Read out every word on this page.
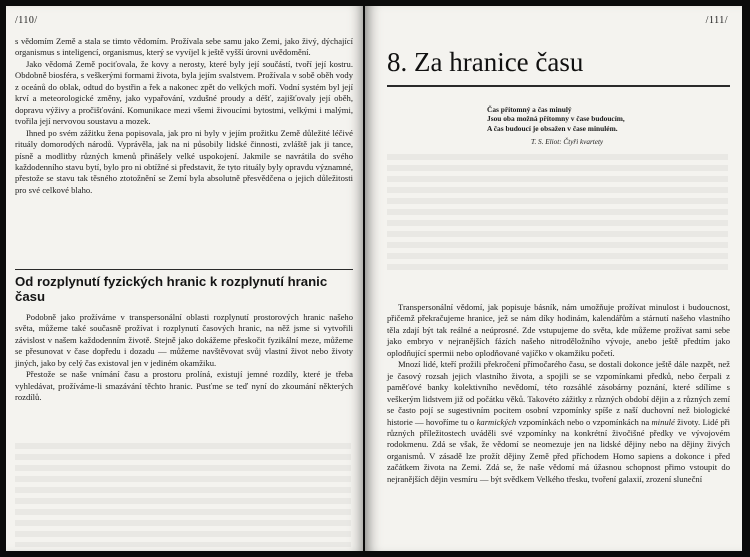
/110/

s vědomím Země a stala se timto vědomím. Prožívala sebe samu jako Zemi, jako živý, dýchající organismus s inteligencí, organismus, který se vyvíjel k ještě vyšší úrovni uvědomění.

Jako vědomá Země pociťovala, že kovy a nerosty, které byly její součástí, tvoří její kostru. Obdobně biosféra, s veškerými formami života, byla jejím svalstvem. Prožívala v sobě oběh vody z oceánů do oblak, odtud do bystřin a řek a nakonec zpět do velkých moří. Vodní systém byl její krví a meteorologické změny, jako vypařování, vzdušné proudy a déšť, zajišťovaly její oběh, dopravu výživy a pročišťování. Komunikace mezi všemi živoucími bytostmi, velkými i malými, tvořila její nervovou soustavu a mozek.

Ihned po svém zážitku žena popisovala, jak pro ni byly v jejím prožitku Země důležité léčivé rituály domorodých národů. Vyprávěla, jak na ni působily lidské činnosti, zvláště jak ji tance, písně a modlitby různých kmenů přinášely velké uspokojení. Jakmile se navrátila do svého každodenního stavu bytí, bylo pro ni obtížné si představit, že tyto rituály byly opravdu významné, přestože se stavu tak těsného ztotožnění se Zemí byla absolutně přesvědčena o jejich důležitosti pro své celkové blaho.

Od rozplynutí fyzických hranic k rozplynutí hranic času

Podobně jako prožíváme v transpersonální oblasti rozplynutí prostorových hranic našeho světa, můžeme také současně prožívat i rozplynutí časových hranic, na něž jsme si vytvořili závislost v našem každodenním životě. Stejně jako dokážeme přeskočit fyzikální meze, můžeme se přesunovat v čase dopředu i dozadu — můžeme navštěvovat svůj vlastní život nebo životy jiných, jako by celý čas existoval jen v jediném okamžiku.

Přestože se naše vnímání času a prostoru prolíná, existují jemné rozdíly, které je třeba vyhledávat, prožíváme-li smazávání těchto hranic. Pusťme se teď nyní do zkoumání některých rozdílů.

/111/
8. Za hranice času
Čas přítomný a čas minulý
Jsou oba možná přítomny v čase budoucím,
A čas budoucí je obsažen v čase minulém.
T. S. Eliot: Čtyři kvartety

Transpersonální vědomí, jak popisuje básník, nám umožňuje prožívat minulost i budoucnost, přičemž překračujeme hranice, jež se nám díky hodinám, kalendářům a stárnutí našeho vlastního těla zdají být tak reálné a neúprosné. Zde vstupujeme do světa, kde můžeme prožívat sami sebe jako embryo v nejranějších fázích našeho nitroděložního vývoje, anebo ještě předtím jako oplodňující spermii nebo oplodňované vajíčko v okamžiku početí.

Mnozí lidé, kteří prožili překročení přímočarého času, se dostali dokonce ještě dále nazpět, než je časový rozsah jejich vlastního života, a spojili se se vzpomínkami předků, nebo čerpali z paměťové banky kolektivního nevědomí, této rozsáhlé zásobárny poznání, které sdílíme s veškerým lidstvem již od počátku věků. Takovéto zážitky z různých období dějin a z různých zemí se často pojí se sugestivním pocitem osobní vzpomínky spíše z naší duchovní než biologické historie — hovoříme tu o karmických vzpomínkách nebo o vzpomínkách na minulé životy. Lidé při různých příležitostech uváděli své vzpomínky na konkrétní živočišné předky ve vývojovém rodokmenu. Zdá se však, že vědomí se neomezuje jen na lidské dějiny nebo na dějiny živých organismů. V zásadě lze prožít dějiny Země před příchodem Homo sapiens a dokonce i před začátkem života na Zemi. Zdá se, že naše vědomí má úžasnou schopnost přimo vstoupit do nejranějších dějin vesmíru — být svědkem Velkého třesku, tvoření galaxií, zrození sluneční
